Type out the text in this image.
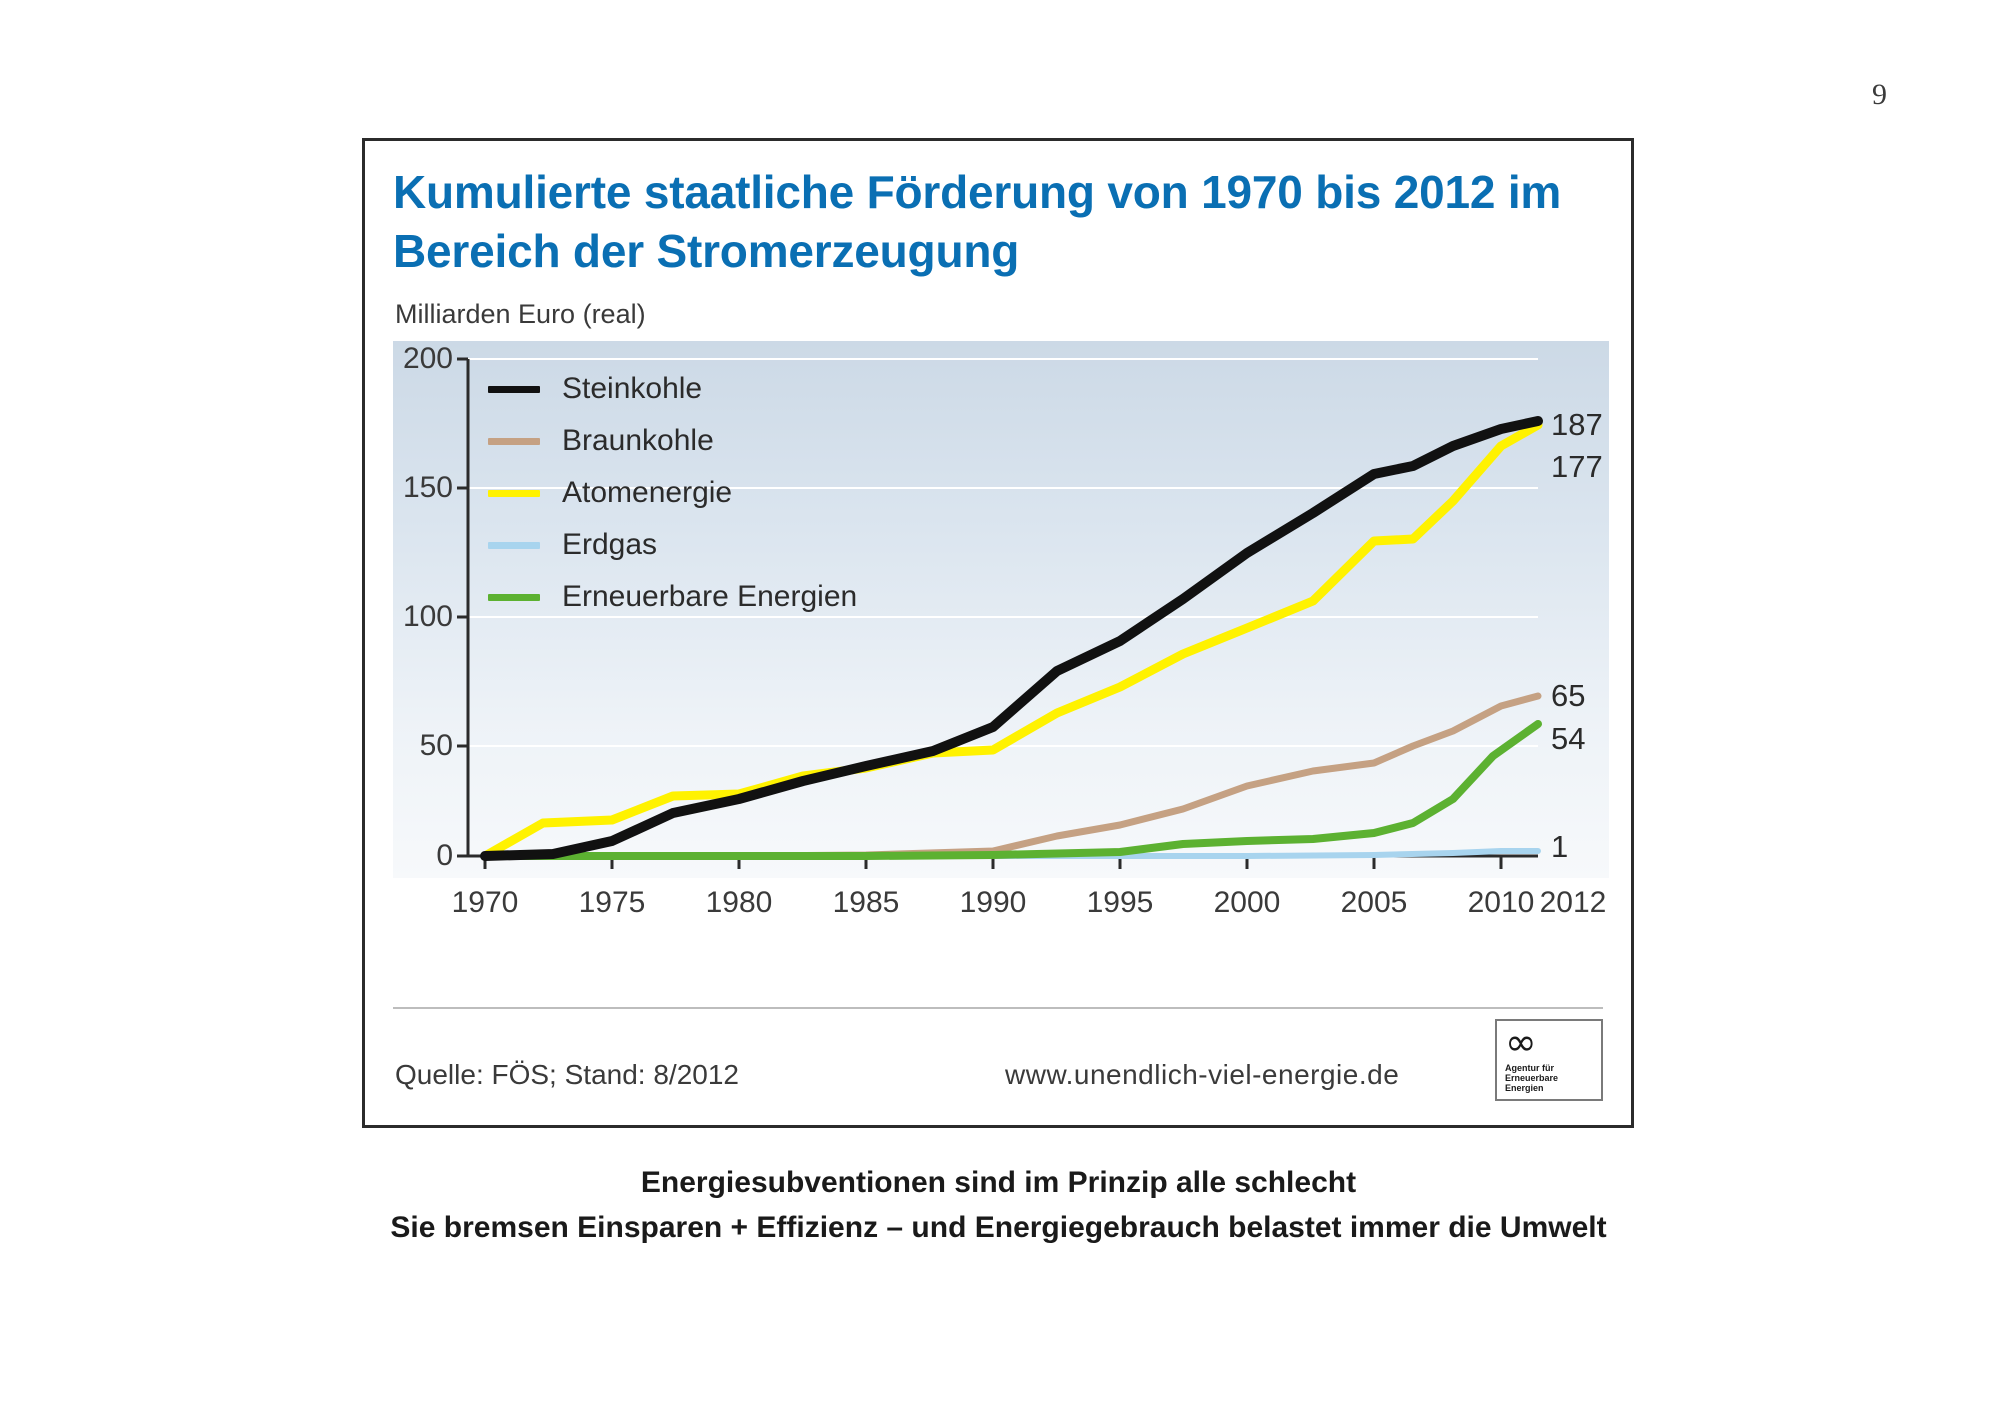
9
Kumulierte staatliche Förderung von 1970 bis 2012 im Bereich der Stromerzeugung
Milliarden Euro (real)
200
150
100
50
0
Steinkohle
Braunkohle
Atomenergie
Erdgas
Erneuerbare Energien
187
177
65
54
1
1970 1975 1980 1985 1990 1995 2000 2005 2010 2012
Quelle: FÖS; Stand: 8/2012	www.unendlich-viel-energie.de
∞
Agentur für
Erneuerbare
Energien
Energiesubventionen sind im Prinzip alle schlecht
Sie bremsen Einsparen + Effizienz – und Energiegebrauch belastet immer die Umwelt
